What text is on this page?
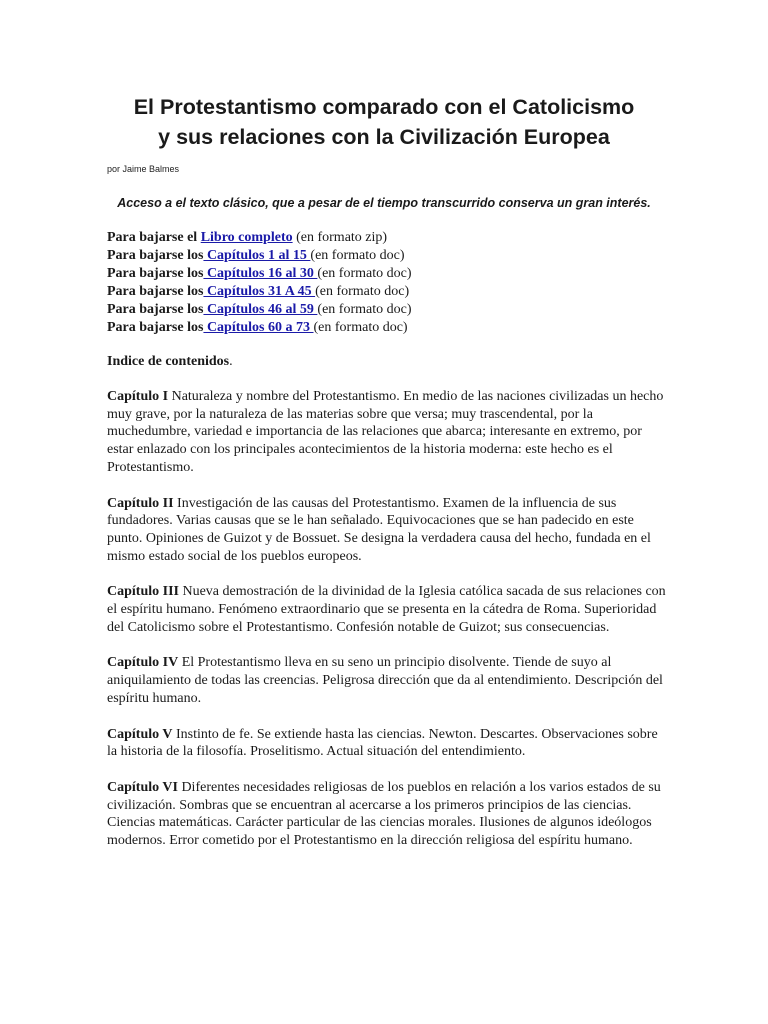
El Protestantismo comparado con el Catolicismo
y sus relaciones con la Civilización Europea
por Jaime Balmes
Acceso a el texto clásico, que a pesar de el tiempo transcurrido conserva un gran interés.
Para bajarse el Libro completo (en formato zip)
Para bajarse los Capítulos 1 al 15 (en formato doc)
Para bajarse los Capítulos 16 al 30 (en formato doc)
Para bajarse los Capítulos 31 A 45 (en formato doc)
Para bajarse los Capítulos 46 al 59 (en formato doc)
Para bajarse los Capítulos 60 a 73 (en formato doc)
Indice de contenidos.

Capítulo I Naturaleza y nombre del Protestantismo. En medio de las naciones civilizadas un hecho muy grave, por la naturaleza de las materias sobre que versa; muy trascendental, por la muchedumbre, variedad e importancia de las relaciones que abarca; interesante en extremo, por estar enlazado con los principales acontecimientos de la historia moderna: este hecho es el Protestantismo.

Capítulo II Investigación de las causas del Protestantismo. Examen de la influencia de sus fundadores. Varias causas que se le han señalado. Equivocaciones que se han padecido en este punto. Opiniones de Guizot y de Bossuet. Se designa la verdadera causa del hecho, fundada en el mismo estado social de los pueblos europeos.

Capítulo III Nueva demostración de la divinidad de la Iglesia católica sacada de sus relaciones con el espíritu humano. Fenómeno extraordinario que se presenta en la cátedra de Roma. Superioridad del Catolicismo sobre el Protestantismo. Confesión notable de Guizot; sus consecuencias.

Capítulo IV El Protestantismo lleva en su seno un principio disolvente. Tiende de suyo al aniquilamiento de todas las creencias. Peligrosa dirección que da al entendimiento. Descripción del espíritu humano.

Capítulo V Instinto de fe. Se extiende hasta las ciencias. Newton. Descartes. Observaciones sobre la historia de la filosofía. Proselitismo. Actual situación del entendimiento.

Capítulo VI Diferentes necesidades religiosas de los pueblos en relación a los varios estados de su civilización. Sombras que se encuentran al acercarse a los primeros principios de las ciencias. Ciencias matemáticas. Carácter particular de las ciencias morales. Ilusiones de algunos ideólogos modernos. Error cometido por el Protestantismo en la dirección religiosa del espíritu humano.
